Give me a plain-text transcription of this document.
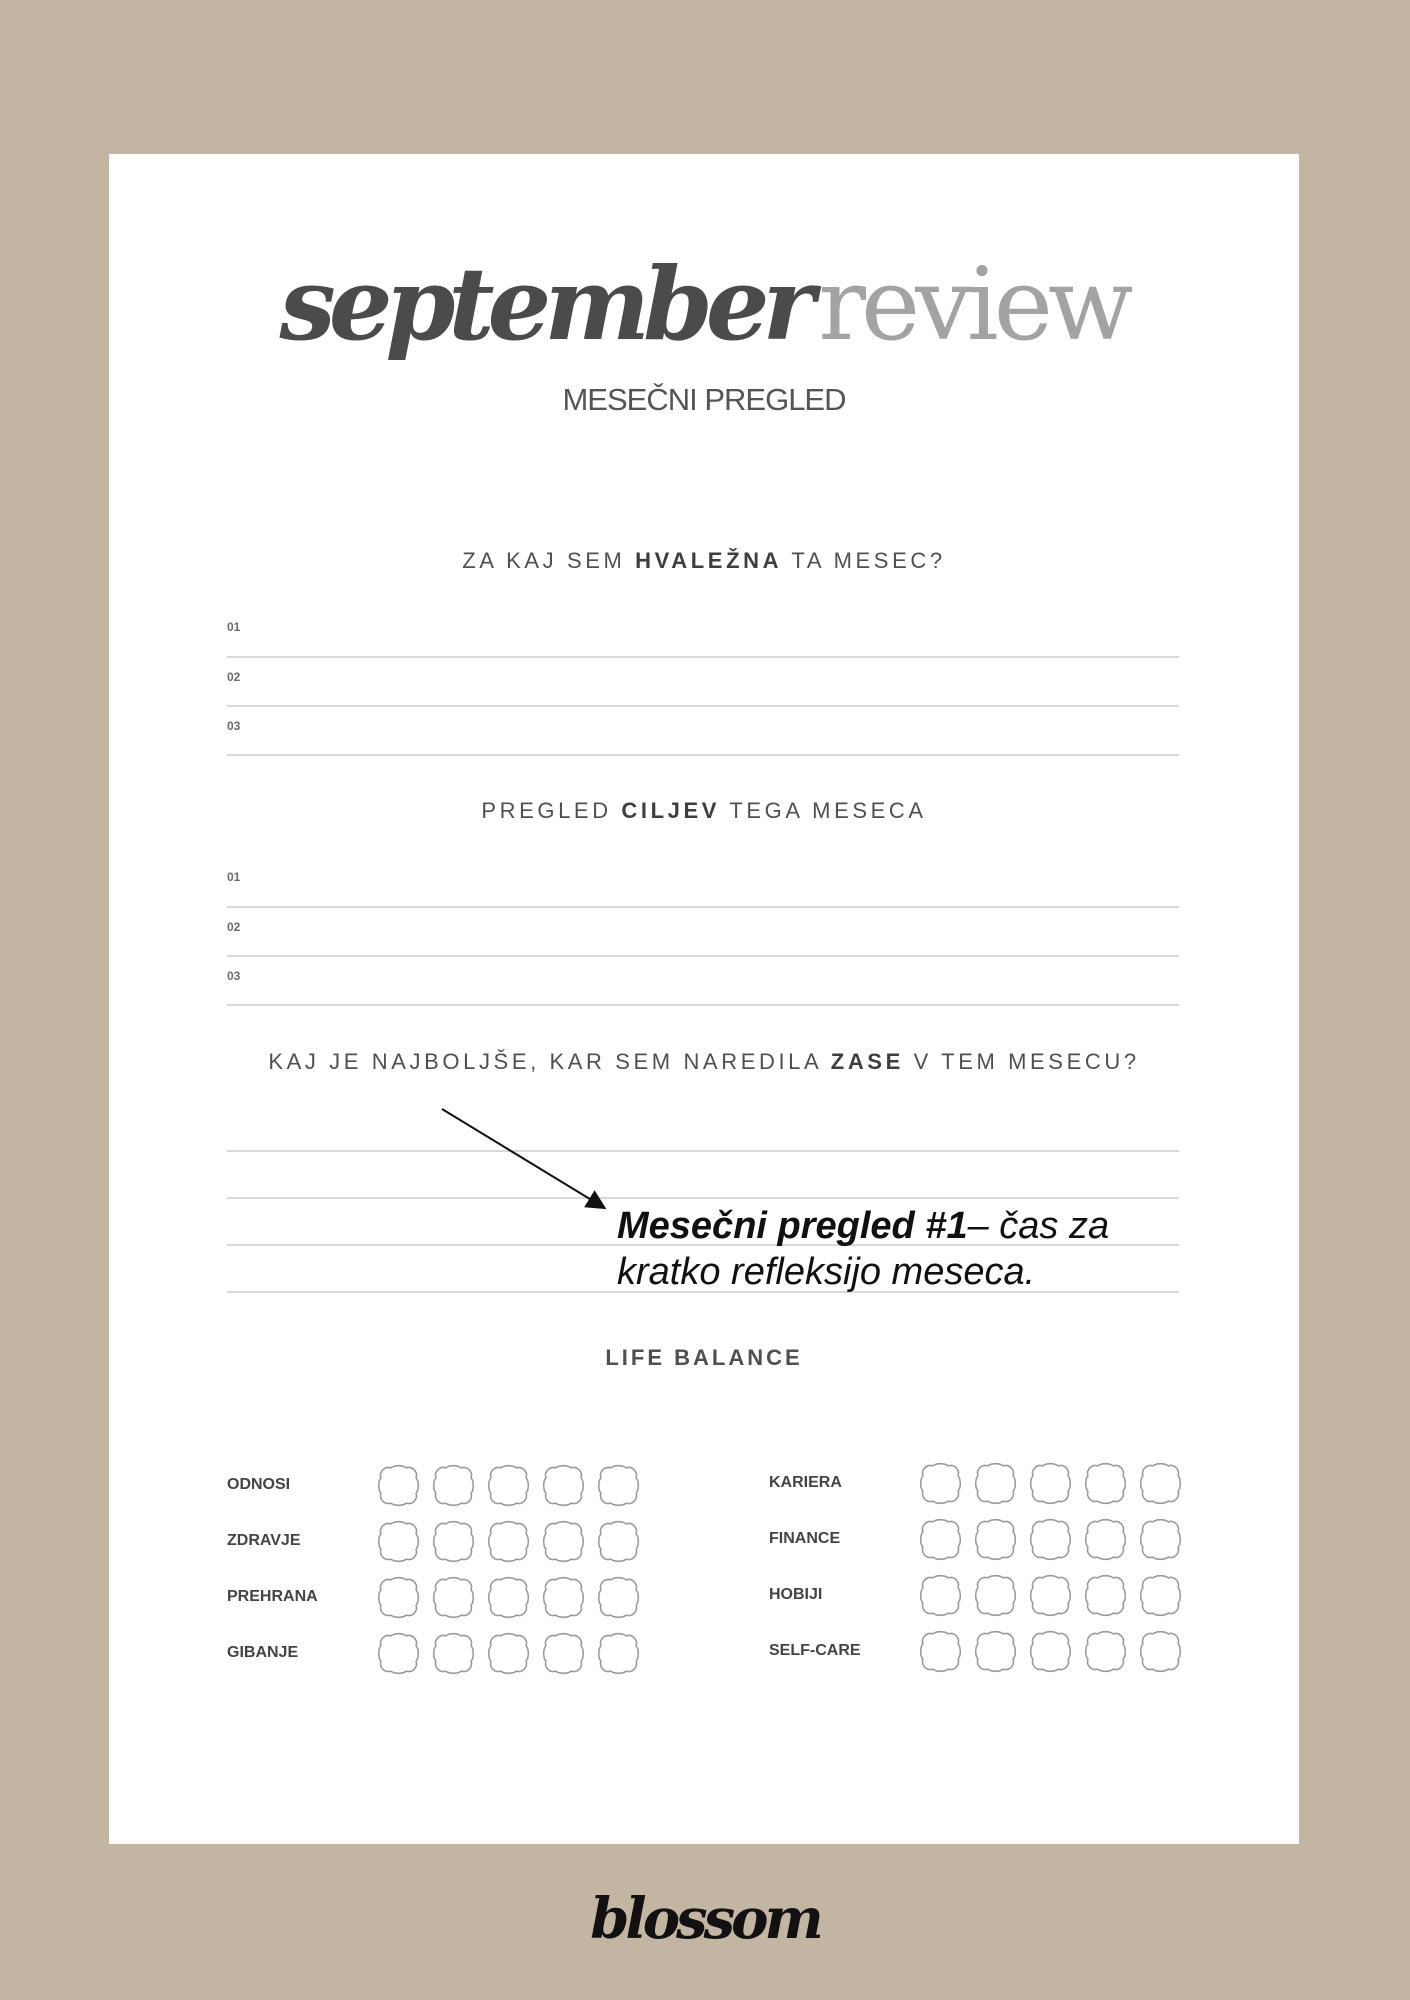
september review
MESEČNI PREGLED
ZA KAJ SEM HVALEŽNA TA MESEC?
01
02
03
PREGLED CILJEV TEGA MESECA
01
02
03
KAJ JE NAJBOLJŠE, KAR SEM NAREDILA ZASE V TEM MESECU?
Mesečni pregled #1– čas za kratko refleksijo meseca.
LIFE BALANCE
ODNOSI
ZDRAVJE
PREHRANA
GIBANJE
KARIERA
FINANCE
HOBIJI
SELF-CARE
blossom
